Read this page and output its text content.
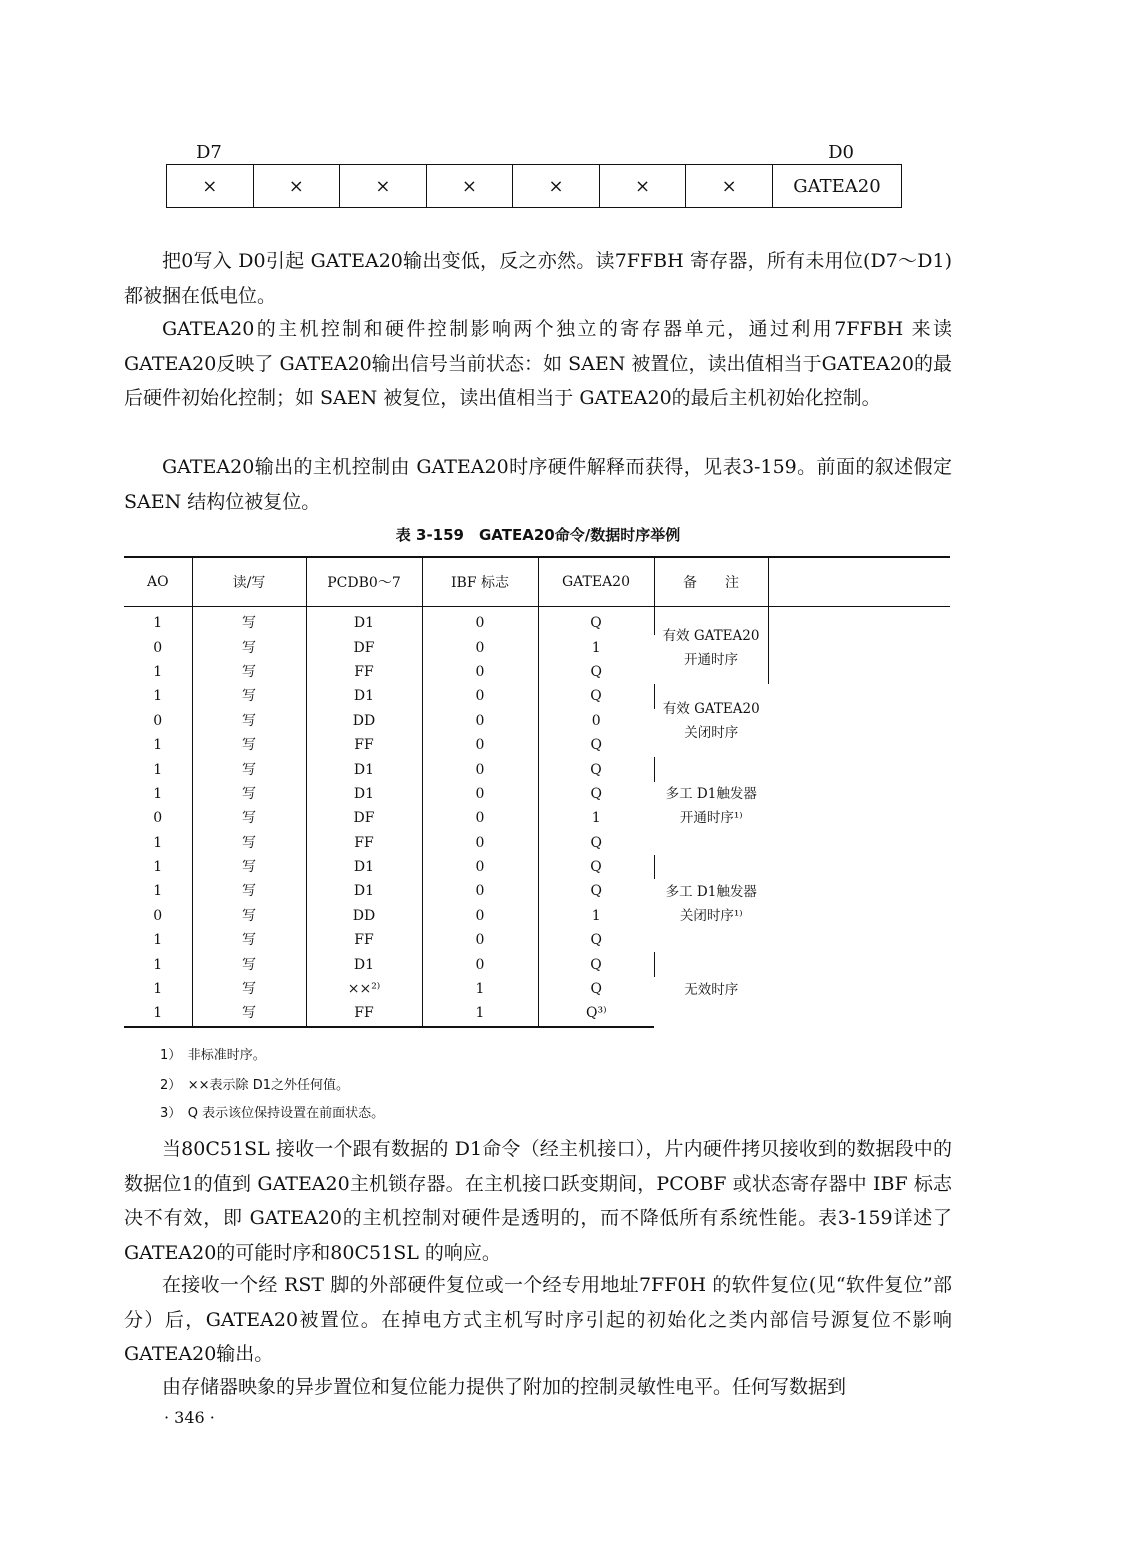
D7	D0
×	×	×	×	×	×	×	GATEA20

把0写入 D0引起 GATEA20输出变低，反之亦然。读7FFBH 寄存器，所有未用位(D7～D1)都被捆在低电位。

GATEA20的主机控制和硬件控制影响两个独立的寄存器单元，通过利用7FFBH 来读 GATEA20反映了 GATEA20输出信号当前状态：如 SAEN 被置位，读出值相当于GATEA20的最后硬件初始化控制；如 SAEN 被复位，读出值相当于 GATEA20的最后主机初始化控制。

GATEA20输出的主机控制由 GATEA20时序硬件解释而获得，见表3-159。前面的叙述假定 SAEN 结构位被复位。

表 3-159　GATEA20命令/数据时序举例
AO	读/写	PCDB0～7	IBF 标志	GATEA20	备　　注	
1	写	D1	0	Q	有效 GATEA20
开通时序	

0	写	DF	0	1		
1	写	FF	0	Q		
1	写	D1	0	Q	有效 GATEA20
关闭时序	

0	写	DD	0	0		
1	写	FF	0	Q		
1	写	D1	0	Q	多工 D1触发器
开通时序¹⁾	

1	写	D1	0	Q		
0	写	DF	0	1		
1	写	FF	0	Q		
1	写	D1	0	Q	多工 D1触发器
关闭时序¹⁾	

1	写	D1	0	Q		
0	写	DD	0	1		
1	写	FF	0	Q		
1	写	D1	0	Q	无效时序	

1	写	××²⁾	1	Q		
1	写	FF	1	Q³⁾		
1）　非标准时序。
2）　××表示除 D1之外任何值。
3）　Q 表示该位保持设置在前面状态。

当80C51SL 接收一个跟有数据的 D1命令（经主机接口），片内硬件拷贝接收到的数据段中的数据位1的值到 GATEA20主机锁存器。在主机接口跃变期间，PCOBF 或状态寄存器中 IBF 标志决不有效，即 GATEA20的主机控制对硬件是透明的，而不降低所有系统性能。表3-159详述了 GATEA20的可能时序和80C51SL 的响应。

在接收一个经 RST 脚的外部硬件复位或一个经专用地址7FF0H 的软件复位(见“软件复位”部分）后，GATEA20被置位。在掉电方式主机写时序引起的初始化之类内部信号源复位不影响 GATEA20输出。

由存储器映象的异步置位和复位能力提供了附加的控制灵敏性电平。任何写数据到

· 346 ·
